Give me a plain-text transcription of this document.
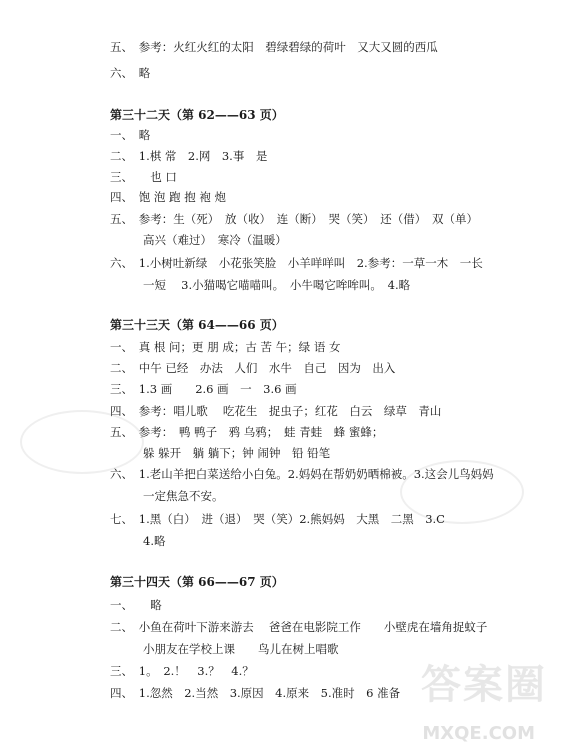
五、　参考：火红火红的太阳　碧绿碧绿的荷叶　又大又圆的西瓜
六、　略
第三十二天（第 62——63 页）
一、　略
二、　1.棋 常　2.网　3.事　是
三、　　也 口
四、　饱 泡 跑 抱 袍 炮
五、　参考：生（死）　放（收）　连（断）　哭（笑）　还（借）　双（单）
高兴（难过）　寒冷（温暖）
六、　1.小树吐新绿　小花张笑脸　小羊咩咩叫　2.参考：一草一木　一长
一短　 3.小猫喝它喵喵叫。　小牛喝它哞哞叫。　4.略
第三十三天（第 64——66 页）
一、　真 根 问；更 朋 成；古 苦 午；绿 语 女
二、　中午 已经　办法　人们　水牛　自己　因为　出入
三、　1.3 画　　2.6 画　一　3.6 画
四、　参考：唱儿歌　 吃花生　捉虫子；红花　白云　绿草　青山
五、　参考：　鸭 鸭子　鸦 乌鸦；　蛙 青蛙　蜂 蜜蜂；
躲 躲开　躺 躺下；钟 闹钟　铅 铅笔
六、　1.老山羊把白菜送给小白兔。2.妈妈在帮奶奶晒棉被。3.这会儿鸟妈妈
一定焦急不安。
七、　1.黑（白）　进（退）　哭（笑）2.熊妈妈　大黑　二黑　3.C
4.略
第三十四天（第 66——67 页）
一、　　略
二、　小鱼在荷叶下游来游去　 爸爸在电影院工作　　小壁虎在墙角捉蚊子
小朋友在学校上课　　鸟儿在树上唱歌
三、　1。　2.！　3.？　4.？
四、　1.忽然　2.当然　3.原因　4.原来　5.准时　6 准备 答案圈
MXQE.COM
